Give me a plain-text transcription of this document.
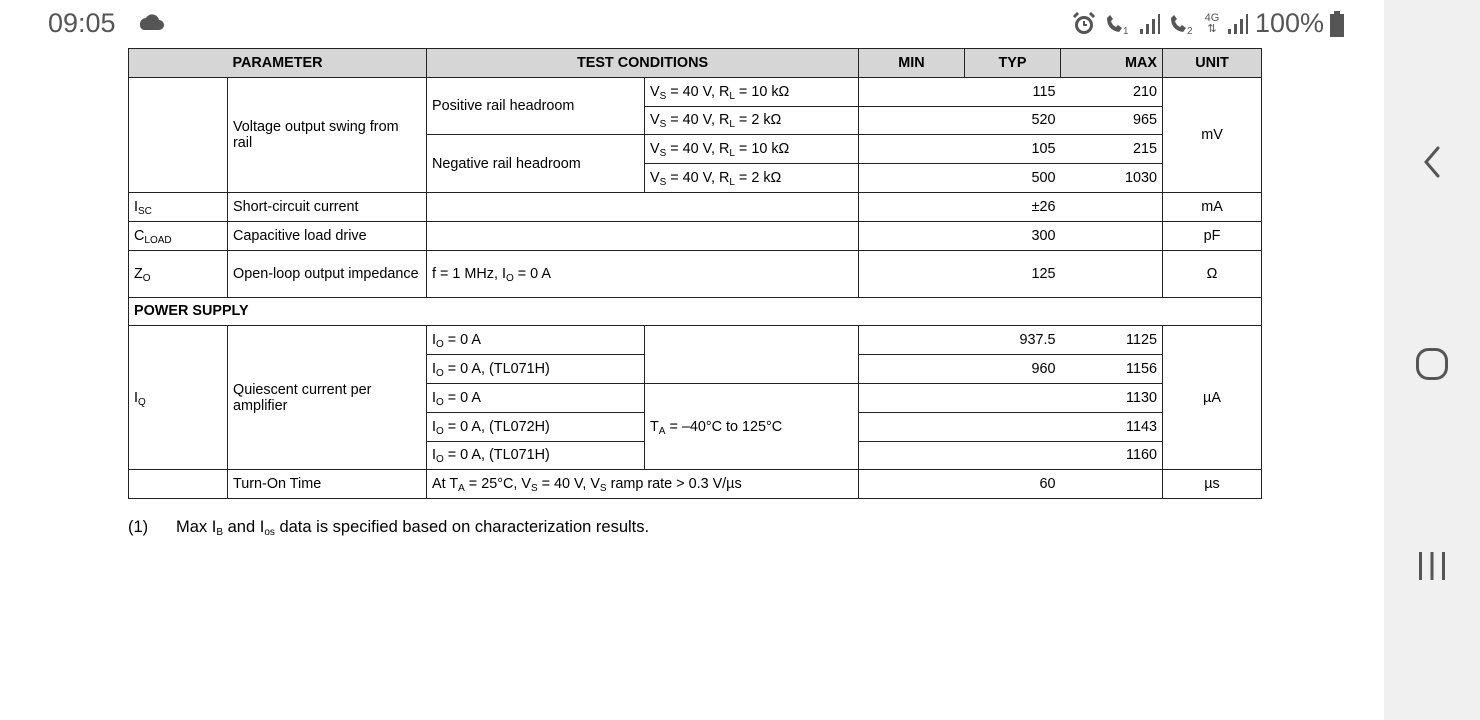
09:05	1	2
4G
⇅ 100%
PARAMETER		TEST CONDITIONS		MIN	TYP	MAX	UNIT
	Voltage output swing from rail	Positive rail headroom	$V_S = 40$ V, $R_L = 10$ kΩ		115	210	mV
			$V_S = 40$ V, $R_L = 2$ kΩ		520	965	
		Negative rail headroom	$V_S = 40$ V, $R_L = 10$ kΩ		105	215	
			$V_S = 40$ V, $R_L = 2$ kΩ		500	1030	
$I_{SC}$	Short-circuit current				±26		mA
$C_{LOAD}$	Capacitive load drive				300		pF
$Z_O$	Open-loop output impedance	f = 1 MHz, $I_O = 0$ A			125		Ω
POWER SUPPLY							
$I_Q$	Quiescent current per amplifier	$I_O = 0$ A			937.5	1125	µA
		$I_O = 0$ A, (TL071H)			960	1156	
		$I_O = 0$ A	$T_A = -40^\circ C$ to 125°C			1130	
		$I_O = 0$ A, (TL072H)				1143	
		$I_O = 0$ A, (TL071H)				1160	
	Turn-On Time	At $T_A = 25^\circ C$, $V_S = 40$ V, $V_S$ ramp rate > 0.3 V/µs			60		µs
(1) Max $I_B$ and $I_{os}$ data is specified based on characterization results.
